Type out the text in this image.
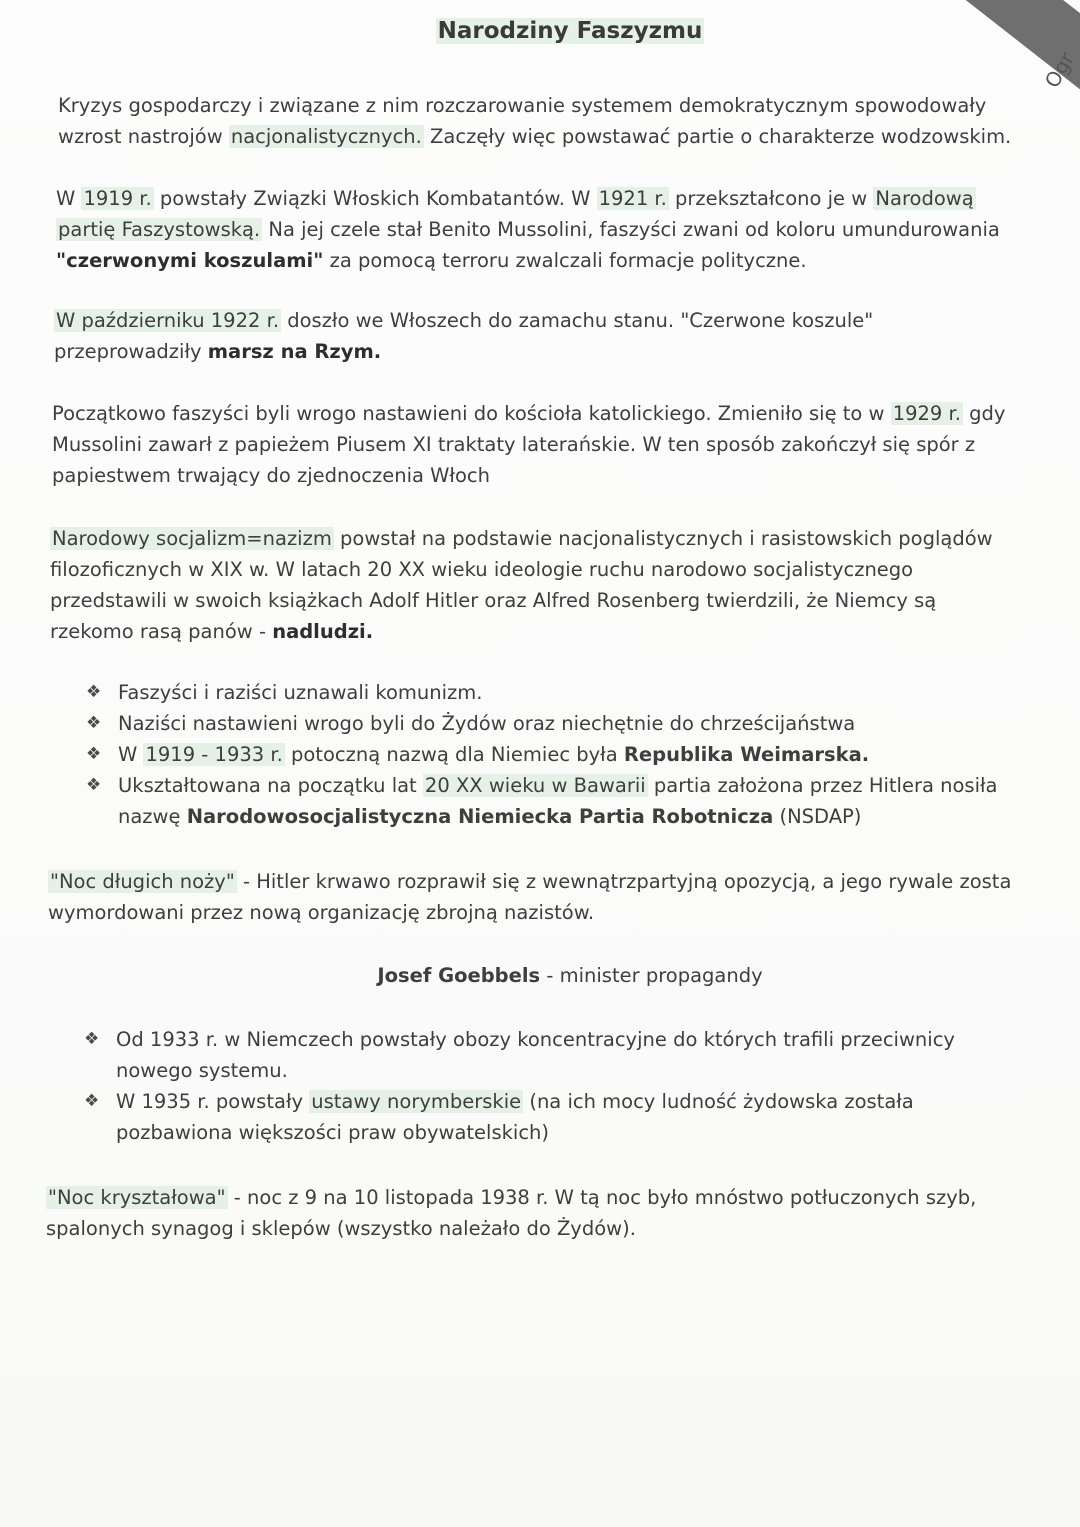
Ogr
Narodziny Faszyzmu
Kryzys gospodarczy i związane z nim rozczarowanie systemem demokratycznym spowodowały
wzrost nastrojów nacjonalistycznych. Zaczęły więc powstawać partie o charakterze wodzowskim.
W 1919 r. powstały Związki Włoskich Kombatantów. W 1921 r. przekształcono je w Narodową
partię Faszystowską. Na jej czele stał Benito Mussolini, faszyści zwani od koloru umundurowania
"czerwonymi koszulami" za pomocą terroru zwalczali formacje polityczne.
W październiku 1922 r. doszło we Włoszech do zamachu stanu. "Czerwone koszule"
przeprowadziły marsz na Rzym.
Początkowo faszyści byli wrogo nastawieni do kościoła katolickiego. Zmieniło się to w 1929 r. gdy
Mussolini zawarł z papieżem Piusem XI traktaty laterańskie. W ten sposób zakończył się spór z
papiestwem trwający do zjednoczenia Włoch
Narodowy socjalizm=nazizm powstał na podstawie nacjonalistycznych i rasistowskich poglądów
filozoficznych w XIX w. W latach 20 XX wieku ideologie ruchu narodowo socjalistycznego
przedstawili w swoich książkach Adolf Hitler oraz Alfred Rosenberg twierdzili, że Niemcy są
rzekomo rasą panów - nadludzi.
❖ Faszyści i raziści uznawali komunizm.
❖ Naziści nastawieni wrogo byli do Żydów oraz niechętnie do chrześcijaństwa
❖ W 1919 - 1933 r. potoczną nazwą dla Niemiec była Republika Weimarska.
❖ Ukształtowana na początku lat 20 XX wieku w Bawarii partia założona przez Hitlera nosiła
nazwę Narodowosocjalistyczna Niemiecka Partia Robotnicza (NSDAP)
"Noc długich noży" - Hitler krwawo rozprawił się z wewnątrzpartyjną opozycją, a jego rywale zosta
wymordowani przez nową organizację zbrojną nazistów.
Josef Goebbels - minister propagandy
❖ Od 1933 r. w Niemczech powstały obozy koncentracyjne do których trafili przeciwnicy
nowego systemu.
❖ W 1935 r. powstały ustawy norymberskie (na ich mocy ludność żydowska została
pozbawiona większości praw obywatelskich)
"Noc kryształowa" - noc z 9 na 10 listopada 1938 r. W tą noc było mnóstwo potłuczonych szyb,
spalonych synagog i sklepów (wszystko należało do Żydów).
